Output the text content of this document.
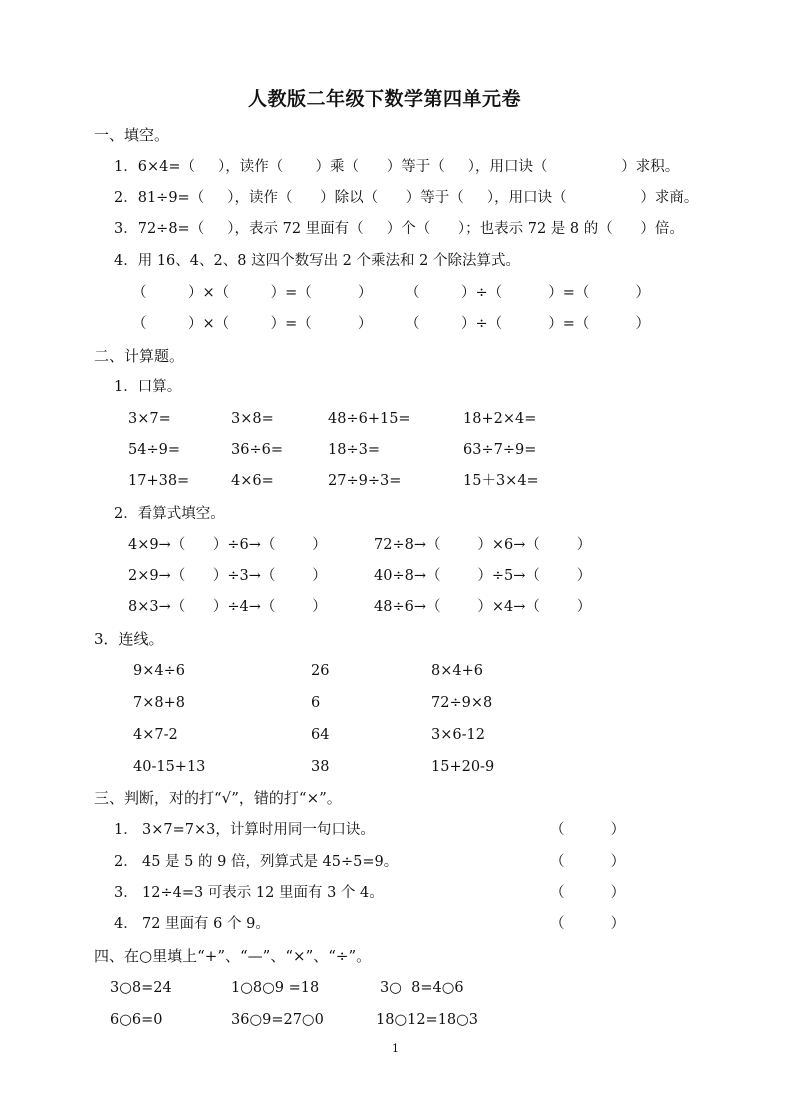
人教版二年级下数学第四单元卷
一、填空。
1．6×4=（     ），读作（       ）乘（      ）等于（     ），用口诀（                ）求积。
2．81÷9=（     ），读作（      ）除以（      ）等于（     ），用口诀（                ）求商。
3．72÷8=（     ），表示 72 里面有（     ）个（      ）；也表示 72 是 8 的（      ）倍。
4．用 16、4、2、8 这四个数写出 2 个乘法和 2 个除法算式。
（         ）×（         ）=（          ） （         ）÷（          ）=（          ）
（         ）×（         ）=（          ） （         ）÷（          ）=（          ）
二、计算题。
1．口算。
3×7=	3×8=	48÷6+15=	18+2×4=
54÷9=	36÷6=	18÷3=	63÷7÷9=
17+38=	4×6=	27÷9÷3=	15＋3×4=
2．看算式填空。
4×9→（      ）÷6→（        ）	72÷8→（        ）×6→（        ）
2×9→（      ）÷3→（        ）	40÷8→（        ）÷5→（        ）
8×3→（      ）÷4→（        ）	48÷6→（        ）×4→（        ）
3．连线。
9×4÷6	26	8×4+6
7×8+8	6	72÷9×8
4×7-2	64	3×6-12
40-15+13	38	15+20-9
三、判断，对的打“√”，错的打“×”。
1． 3×7=7×3，计算时用同一句口诀。	（          ）
2． 45 是 5 的 9 倍，列算式是 45÷5=9。	（          ）
3． 12÷4=3 可表示 12 里面有 3 个 4。	（          ）
4． 72 里面有 6 个 9。	（          ）
四、在○里填上“+”、“—”、“×”、“÷”。
3○8=24	1○8○9 =18	3○  8=4○6
6○6=0	36○9=27○0	18○12=18○3
1
